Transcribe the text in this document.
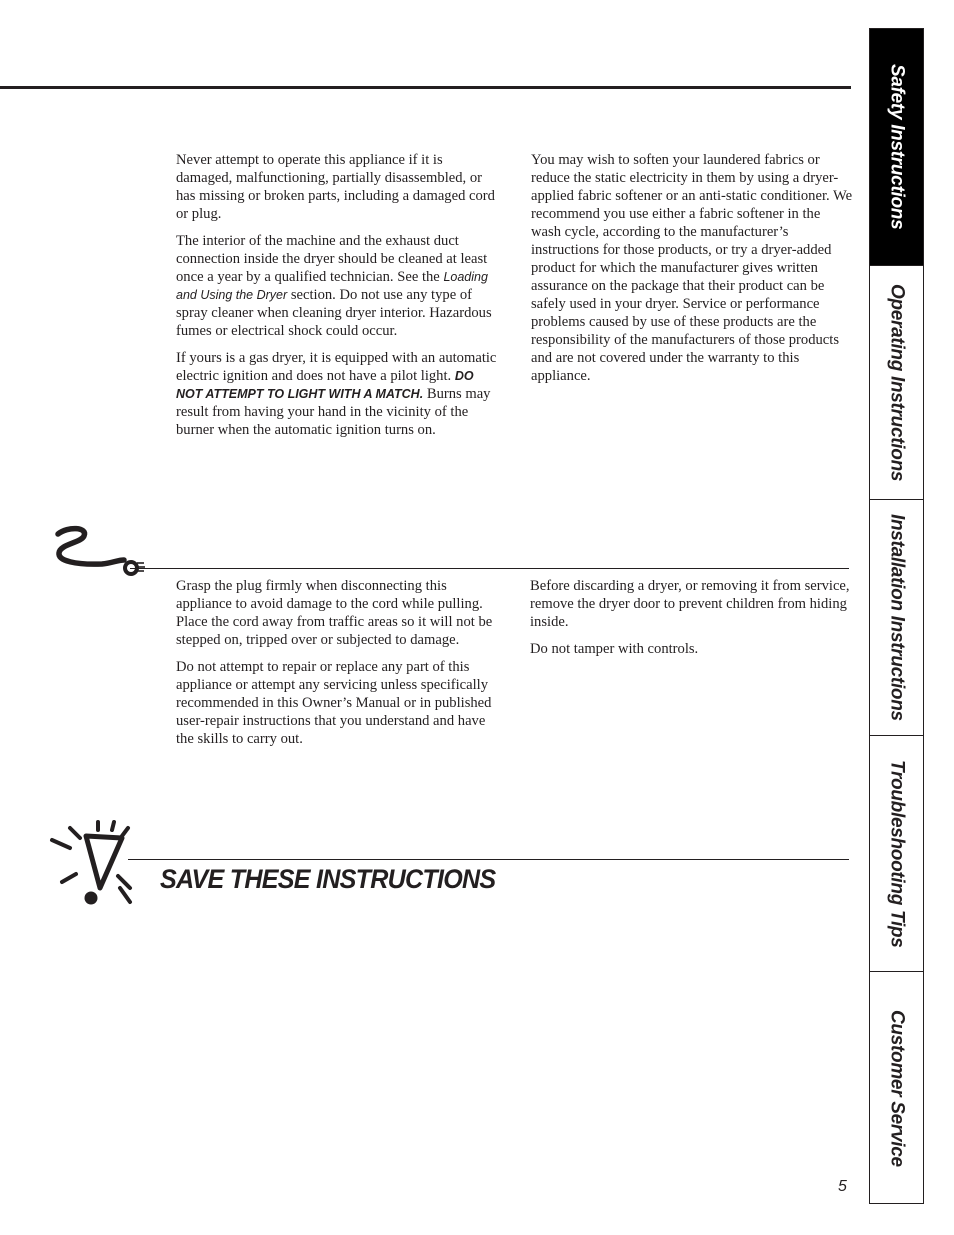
Never attempt to operate this appliance if it is damaged, malfunctioning, partially disassembled, or has missing or broken parts, including a damaged cord or plug.

The interior of the machine and the exhaust duct connection inside the dryer should be cleaned at least once a year by a qualified technician. See the Loading and Using the Dryer section. Do not use any type of spray cleaner when cleaning dryer interior. Hazardous fumes or electrical shock could occur.

If yours is a gas dryer, it is equipped with an automatic electric ignition and does not have a pilot light. DO NOT ATTEMPT TO LIGHT WITH A MATCH. Burns may result from having your hand in the vicinity of the burner when the automatic ignition turns on.

You may wish to soften your laundered fabrics or reduce the static electricity in them by using a dryer-applied fabric softener or an anti-static conditioner. We recommend you use either a fabric softener in the wash cycle, according to the manufacturer’s instructions for those products, or try a dryer-added product for which the manufacturer gives written assurance on the package that their product can be safely used in your dryer. Service or performance problems caused by use of these products are the responsibility of the manufacturers of those products and are not covered under the warranty to this appliance.

Grasp the plug firmly when disconnecting this appliance to avoid damage to the cord while pulling. Place the cord away from traffic areas so it will not be stepped on, tripped over or subjected to damage.

Do not attempt to repair or replace any part of this appliance or attempt any servicing unless specifically recommended in this Owner’s Manual or in published user-repair instructions that you understand and have the skills to carry out.

Before discarding a dryer, or removing it from service, remove the dryer door to prevent children from hiding inside.

Do not tamper with controls.

SAVE THESE INSTRUCTIONS
5
Safety Instructions
Operating Instructions
Installation Instructions
Troubleshooting Tips
Customer Service
